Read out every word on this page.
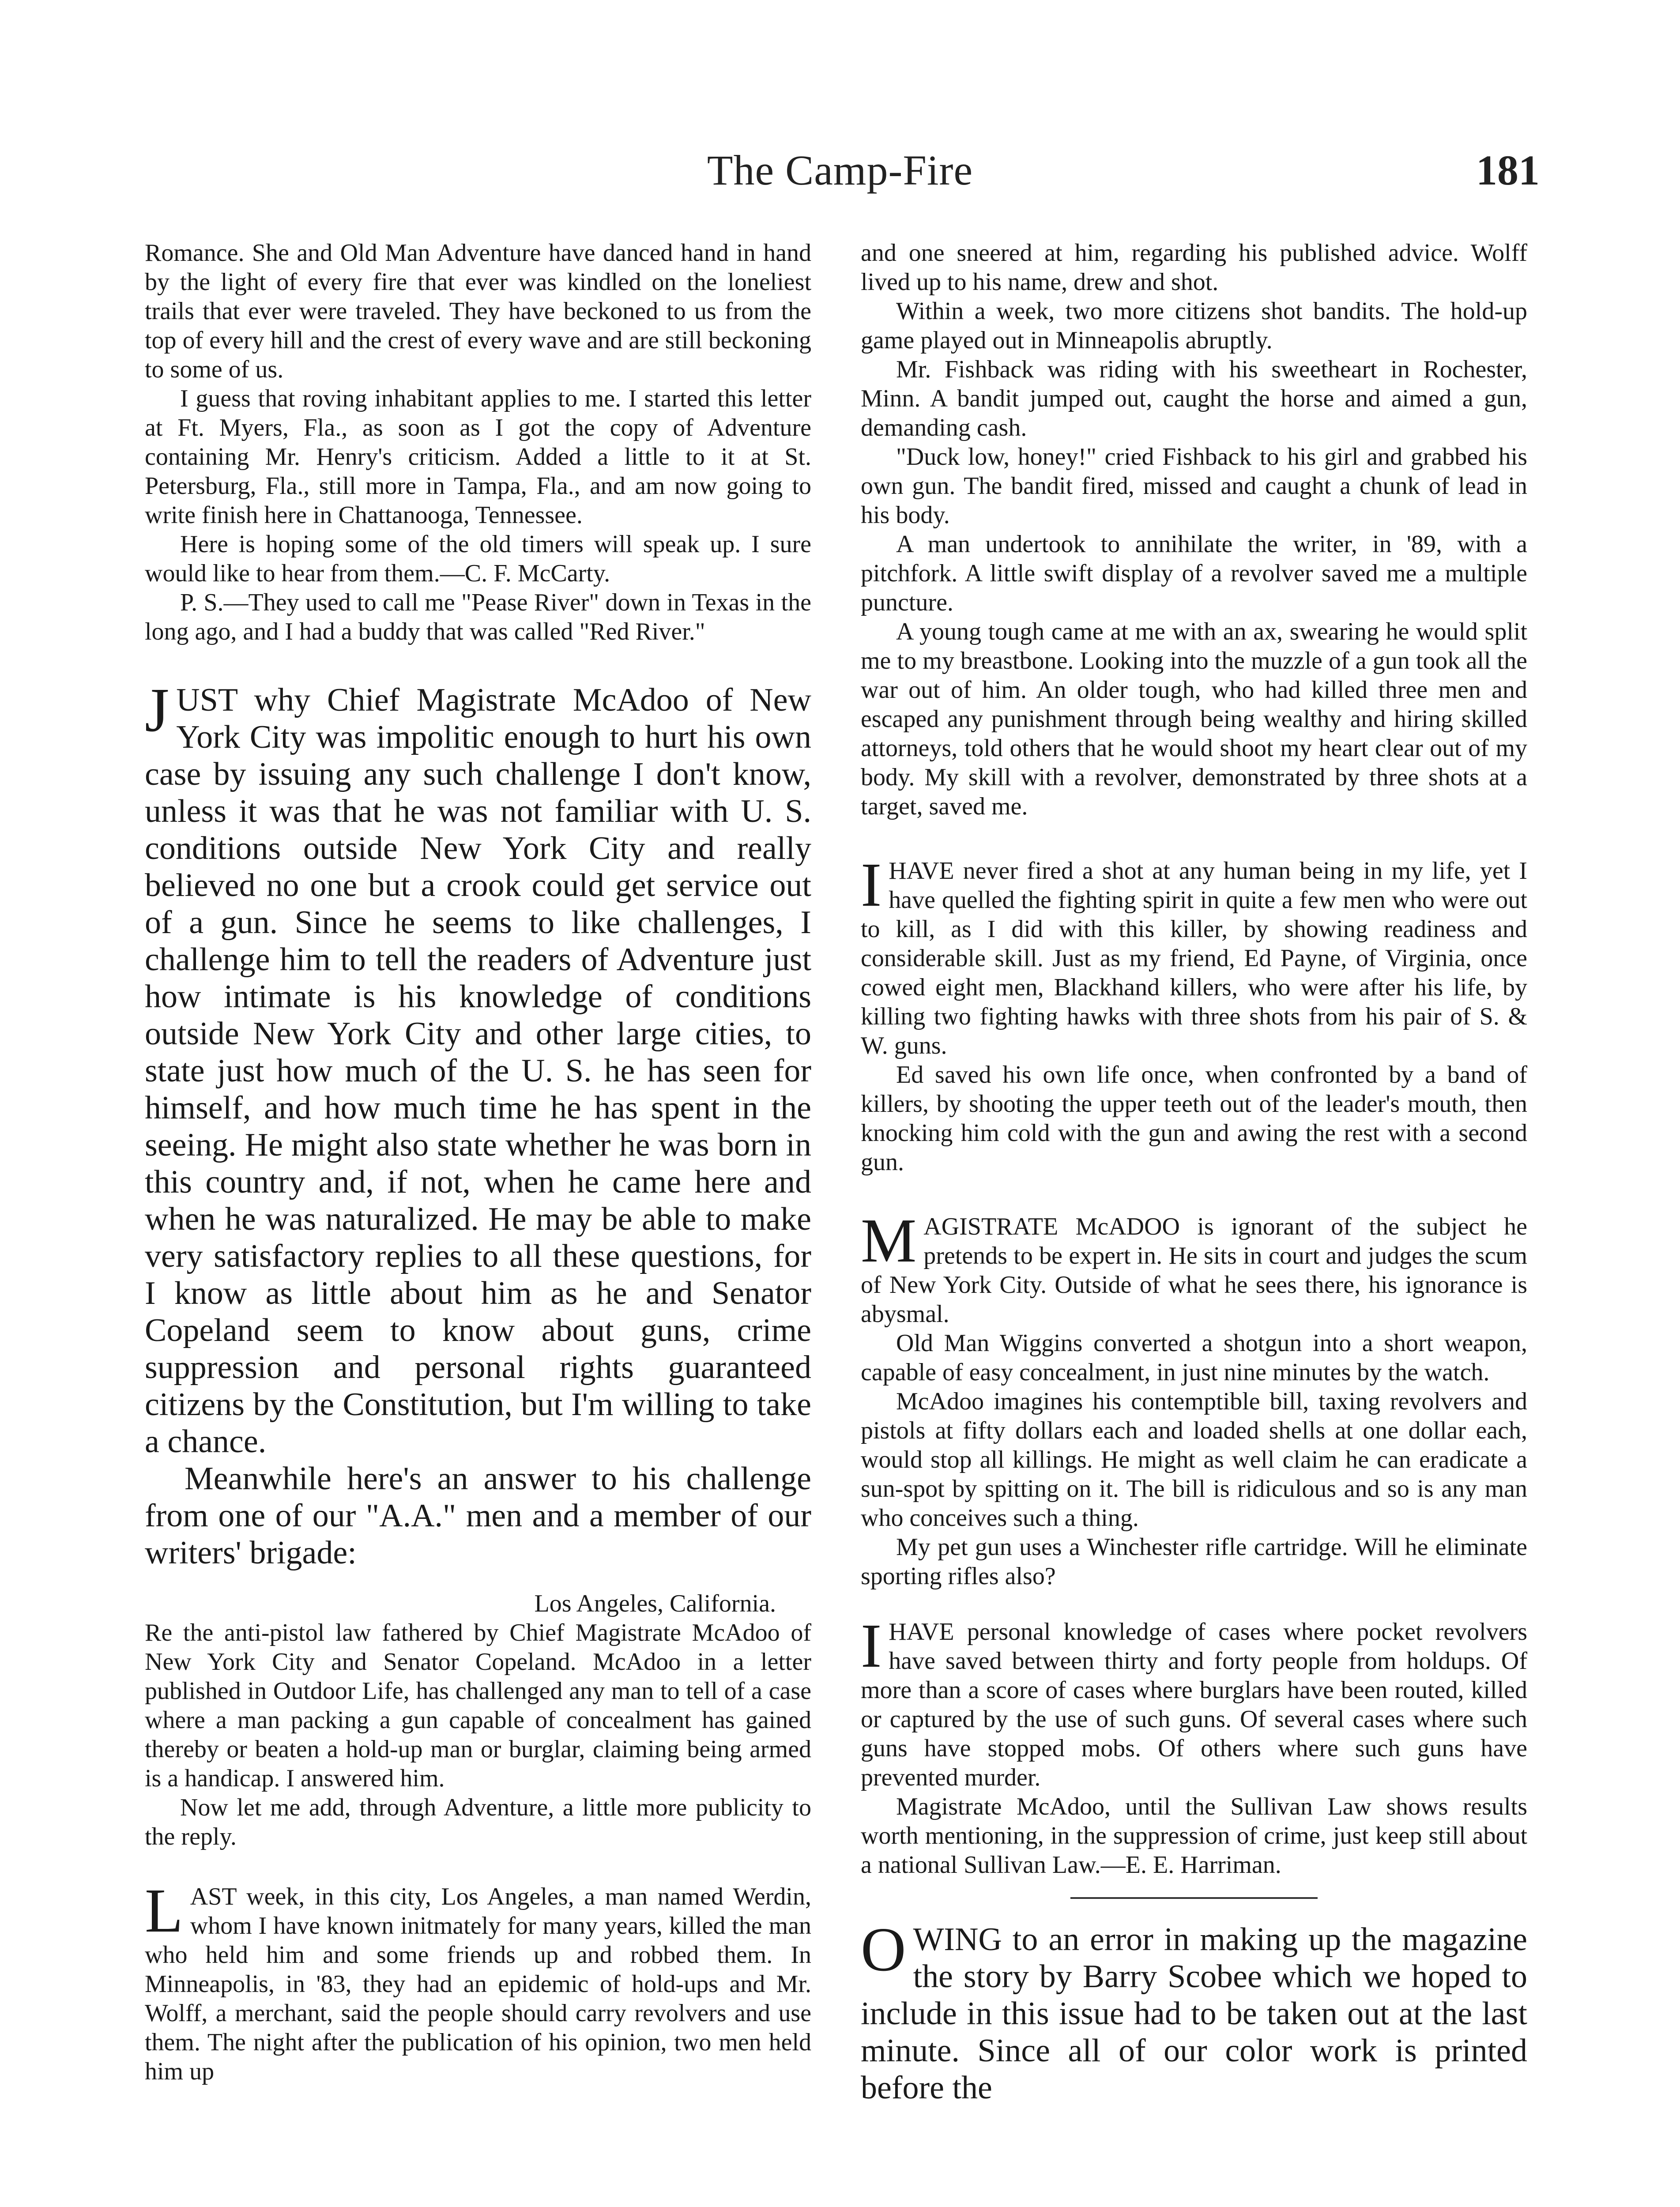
The Camp-Fire	181

Romance. She and Old Man Adventure have danced hand in hand by the light of every fire that ever was kindled on the loneliest trails that ever were traveled. They have beckoned to us from the top of every hill and the crest of every wave and are still beckoning to some of us.

I guess that roving inhabitant applies to me. I started this letter at Ft. Myers, Fla., as soon as I got the copy of Adventure containing Mr. Henry's criticism. Added a little to it at St. Petersburg, Fla., still more in Tampa, Fla., and am now going to write finish here in Chattanooga, Tennessee.

Here is hoping some of the old timers will speak up. I sure would like to hear from them.—C. F. McCarty.

P. S.—They used to call me "Pease River" down in Texas in the long ago, and I had a buddy that was called "Red River."

JUST why Chief Magistrate McAdoo of New York City was impolitic enough to hurt his own case by issuing any such challenge I don't know, unless it was that he was not familiar with U. S. conditions outside New York City and really believed no one but a crook could get service out of a gun. Since he seems to like challenges, I challenge him to tell the readers of Adventure just how intimate is his knowledge of conditions outside New York City and other large cities, to state just how much of the U. S. he has seen for himself, and how much time he has spent in the seeing. He might also state whether he was born in this country and, if not, when he came here and when he was naturalized. He may be able to make very satisfactory replies to all these questions, for I know as little about him as he and Senator Copeland seem to know about guns, crime suppression and personal rights guaranteed citizens by the Constitution, but I'm willing to take a chance.

Meanwhile here's an answer to his challenge from one of our "A.A." men and a member of our writers' brigade:

Los Angeles, California.

Re the anti-pistol law fathered by Chief Magistrate McAdoo of New York City and Senator Copeland. McAdoo in a letter published in Outdoor Life, has challenged any man to tell of a case where a man packing a gun capable of concealment has gained thereby or beaten a hold-up man or burglar, claiming being armed is a handicap. I answered him.

Now let me add, through Adventure, a little more publicity to the reply.

LAST week, in this city, Los Angeles, a man named Werdin, whom I have known initmately for many years, killed the man who held him and some friends up and robbed them. In Minneapolis, in '83, they had an epidemic of hold-ups and Mr. Wolff, a merchant, said the people should carry revolvers and use them. The night after the publication of his opinion, two men held him up

and one sneered at him, regarding his published advice. Wolff lived up to his name, drew and shot.

Within a week, two more citizens shot bandits. The hold-up game played out in Minneapolis abruptly.

Mr. Fishback was riding with his sweetheart in Rochester, Minn. A bandit jumped out, caught the horse and aimed a gun, demanding cash.

"Duck low, honey!" cried Fishback to his girl and grabbed his own gun. The bandit fired, missed and caught a chunk of lead in his body.

A man undertook to annihilate the writer, in '89, with a pitchfork. A little swift display of a revolver saved me a multiple puncture.

A young tough came at me with an ax, swearing he would split me to my breastbone. Looking into the muzzle of a gun took all the war out of him. An older tough, who had killed three men and escaped any punishment through being wealthy and hiring skilled attorneys, told others that he would shoot my heart clear out of my body. My skill with a revolver, demonstrated by three shots at a target, saved me.

IHAVE never fired a shot at any human being in my life, yet I have quelled the fighting spirit in quite a few men who were out to kill, as I did with this killer, by showing readiness and considerable skill. Just as my friend, Ed Payne, of Virginia, once cowed eight men, Blackhand killers, who were after his life, by killing two fighting hawks with three shots from his pair of S. & W. guns.

Ed saved his own life once, when confronted by a band of killers, by shooting the upper teeth out of the leader's mouth, then knocking him cold with the gun and awing the rest with a second gun.

MAGISTRATE McADOO is ignorant of the subject he pretends to be expert in. He sits in court and judges the scum of New York City. Outside of what he sees there, his ignorance is abysmal.

Old Man Wiggins converted a shotgun into a short weapon, capable of easy concealment, in just nine minutes by the watch.

McAdoo imagines his contemptible bill, taxing revolvers and pistols at fifty dollars each and loaded shells at one dollar each, would stop all killings. He might as well claim he can eradicate a sun-spot by spitting on it. The bill is ridiculous and so is any man who conceives such a thing.

My pet gun uses a Winchester rifle cartridge. Will he eliminate sporting rifles also?

IHAVE personal knowledge of cases where pocket revolvers have saved between thirty and forty people from holdups. Of more than a score of cases where burglars have been routed, killed or captured by the use of such guns. Of several cases where such guns have stopped mobs. Of others where such guns have prevented murder.

Magistrate McAdoo, until the Sullivan Law shows results worth mentioning, in the suppression of crime, just keep still about a national Sullivan Law.—E. E. Harriman.

OWING to an error in making up the magazine the story by Barry Scobee which we hoped to include in this issue had to be taken out at the last minute. Since all of our color work is printed before the
